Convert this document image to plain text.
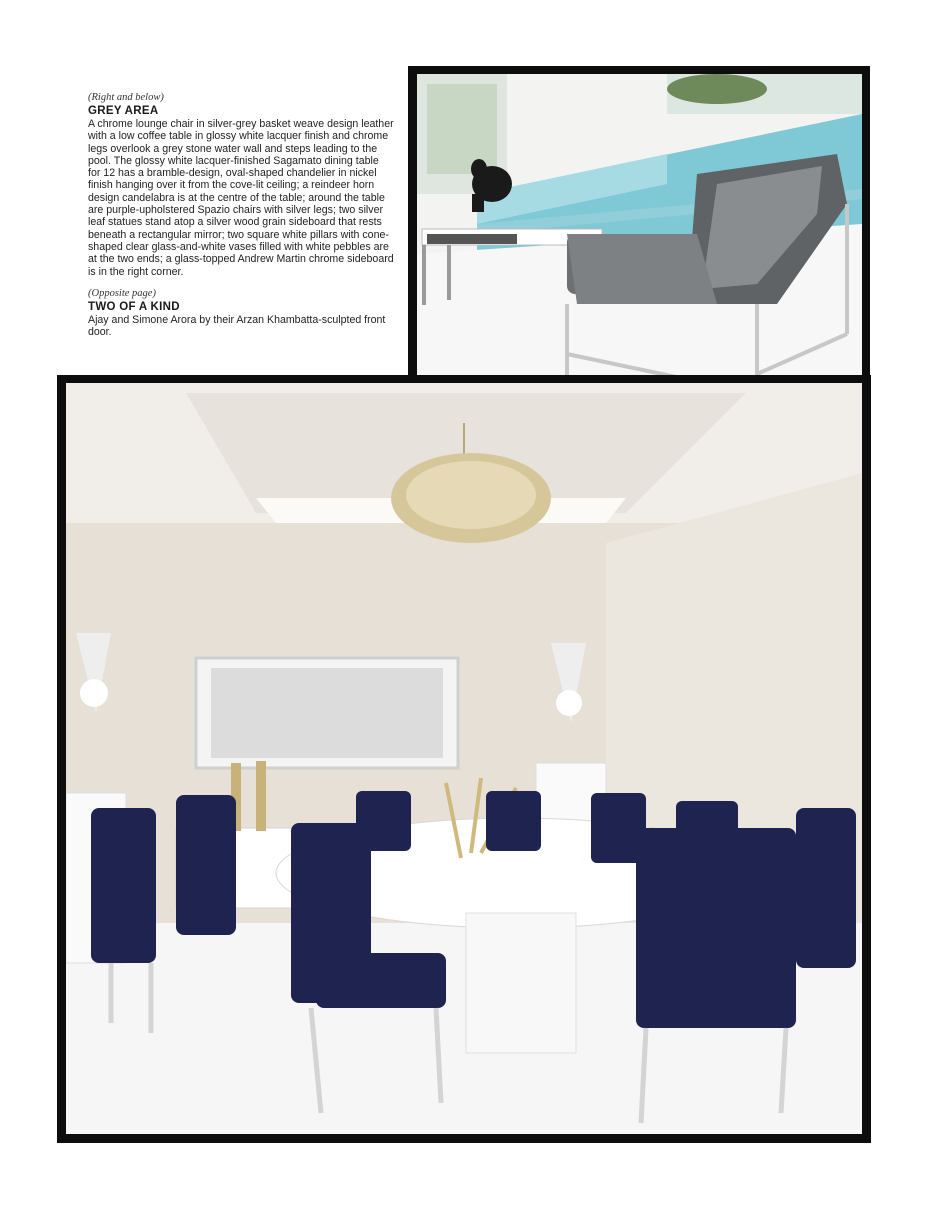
(Right and below)

GREY AREA

A chrome lounge chair in silver-grey basket weave design leather with a low coffee table in glossy white lacquer finish and chrome legs overlook a grey stone water wall and steps leading to the pool. The glossy white lacquer-finished Sagamato dining table for 12 has a bramble-design, oval-shaped chandelier in nickel finish hanging over it from the cove-lit ceiling; a reindeer horn design candelabra is at the centre of the table; around the table are purple-upholstered Spazio chairs with silver legs; two silver leaf statues stand atop a silver wood grain sideboard that rests beneath a rectangular mirror; two square white pillars with cone-shaped clear glass-and-white vases filled with white pebbles are at the two ends; a glass-topped Andrew Martin chrome sideboard is in the right corner.

(Opposite page)

TWO OF A KIND

Ajay and Simone Arora by their Arzan Khambatta-sculpted front door.
